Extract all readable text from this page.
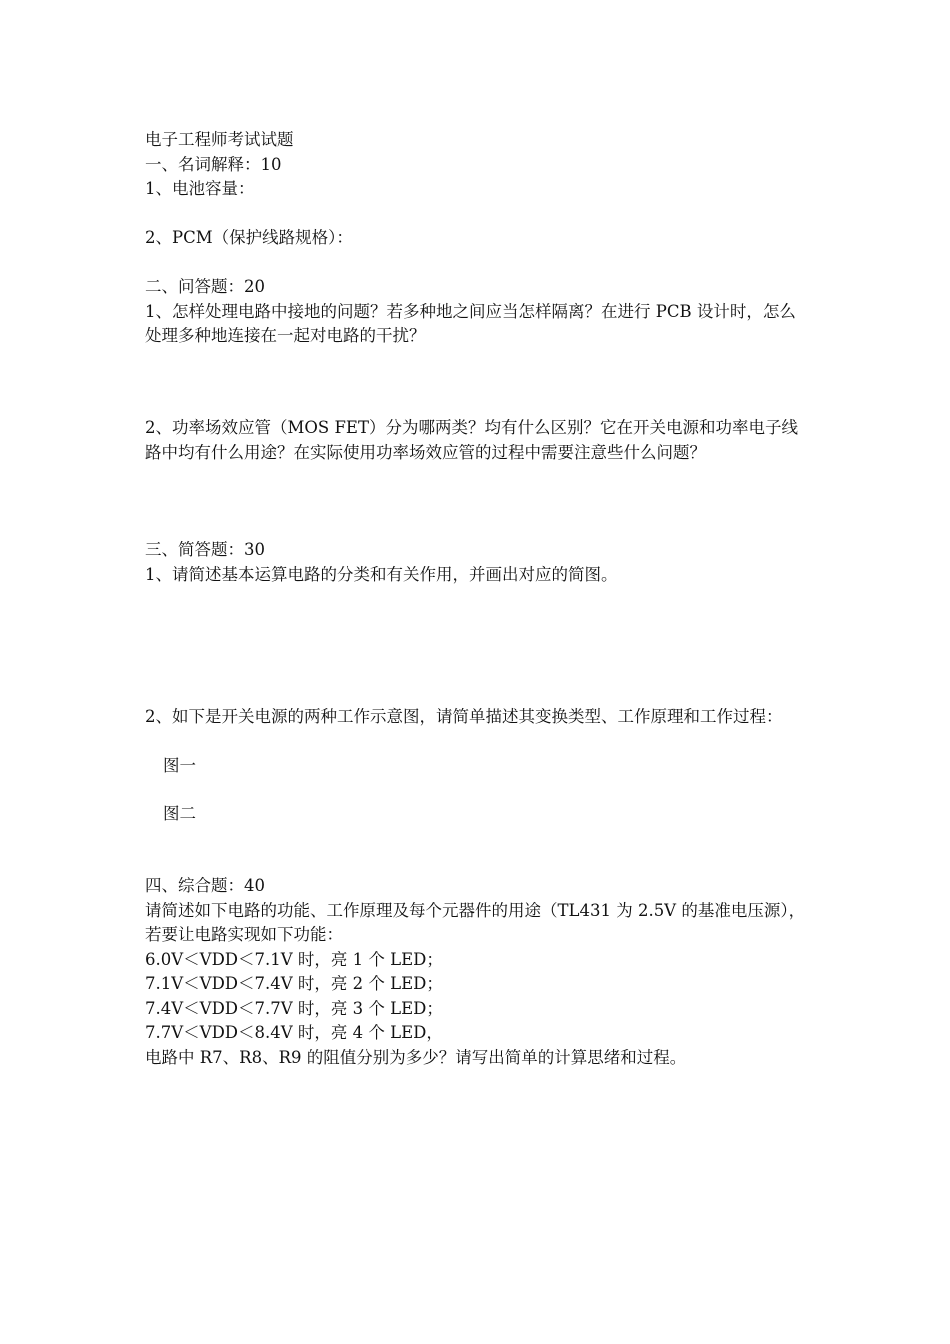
电子工程师考试试题
一、名词解释：10
1、电池容量：
2、PCM（保护线路规格）：
二、问答题：20
1、怎样处理电路中接地的问题？若多种地之间应当怎样隔离？在进行 PCB 设计时，怎么处理多种地连接在一起对电路的干扰？
2、功率场效应管（MOS FET）分为哪两类？均有什么区别？它在开关电源和功率电子线路中均有什么用途？在实际使用功率场效应管的过程中需要注意些什么问题？
三、简答题：30
1、请简述基本运算电路的分类和有关作用，并画出对应的简图。
2、如下是开关电源的两种工作示意图，请简单描述其变换类型、工作原理和工作过程：
图一
图二
四、综合题：40
请简述如下电路的功能、工作原理及每个元器件的用途（TL431 为 2.5V 的基准电压源），若要让电路实现如下功能：
6.0V＜VDD＜7.1V 时，亮 1 个 LED；
7.1V＜VDD＜7.4V 时，亮 2 个 LED；
7.4V＜VDD＜7.7V 时，亮 3 个 LED；
7.7V＜VDD＜8.4V 时，亮 4 个 LED，
电路中 R7、R8、R9 的阻值分别为多少？请写出简单的计算思绪和过程。
